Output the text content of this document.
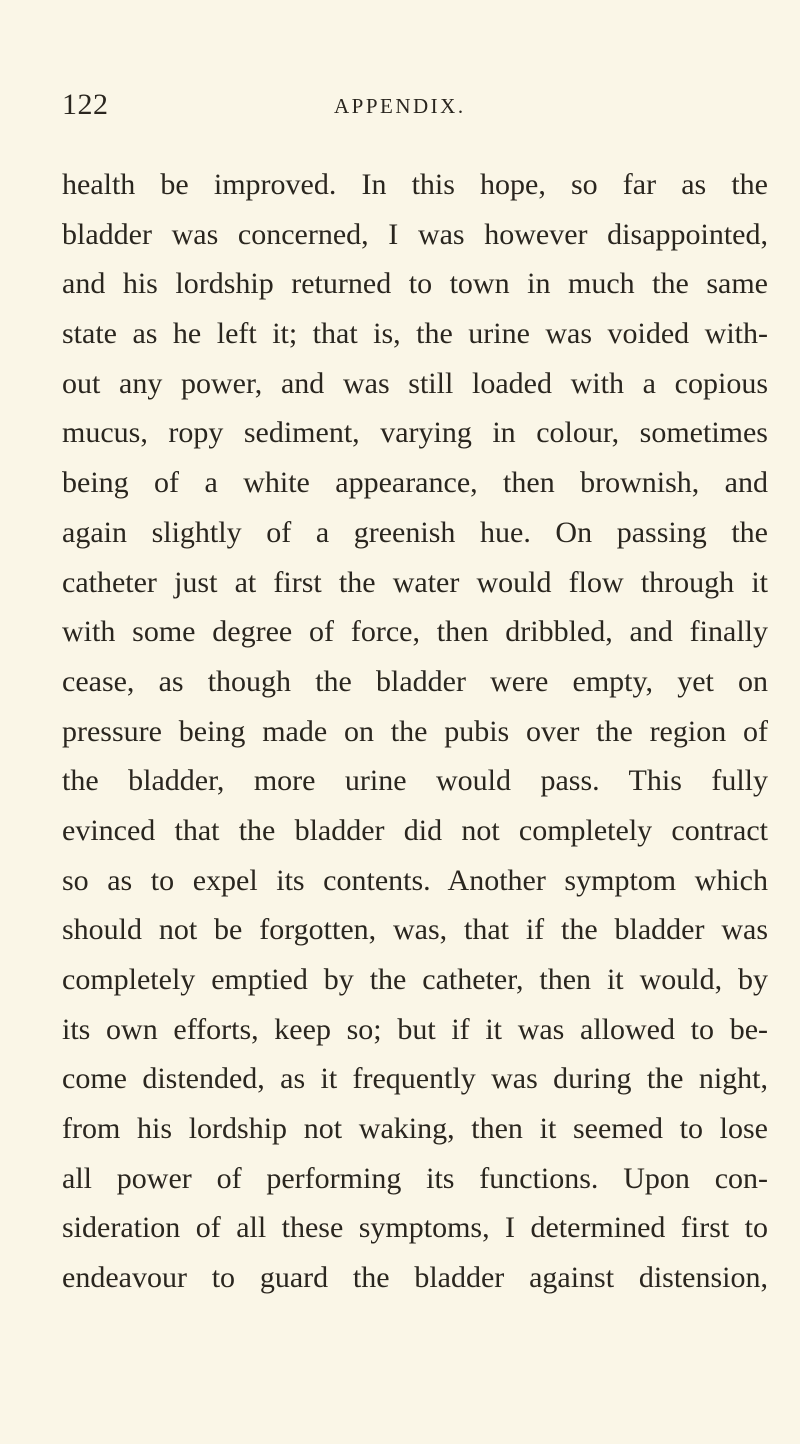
122	APPENDIX.
health be improved. In this hope, so far as the
bladder was concerned, I was however disappointed,
and his lordship returned to town in much the same
state as he left it; that is, the urine was voided with-
out any power, and was still loaded with a copious
mucus, ropy sediment, varying in colour, sometimes
being of a white appearance, then brownish, and
again slightly of a greenish hue. On passing the
catheter just at first the water would flow through it
with some degree of force, then dribbled, and finally
cease, as though the bladder were empty, yet on
pressure being made on the pubis over the region of
the bladder, more urine would pass. This fully
evinced that the bladder did not completely contract
so as to expel its contents. Another symptom which
should not be forgotten, was, that if the bladder was
completely emptied by the catheter, then it would, by
its own efforts, keep so; but if it was allowed to be-
come distended, as it frequently was during the night,
from his lordship not waking, then it seemed to lose
all power of performing its functions. Upon con-
sideration of all these symptoms, I determined first to
endeavour to guard the bladder against distension,
